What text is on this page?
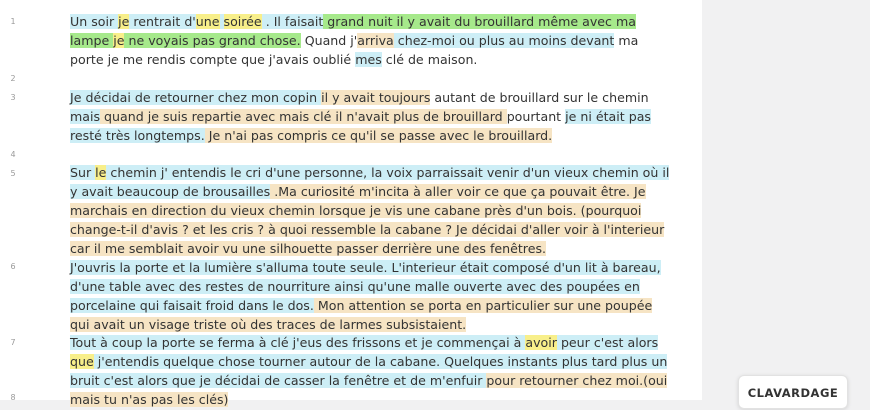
1
2
3
4
5
6
7
8
Un soir je rentrait d'une soirée . Il faisait grand nuit il y avait du brouillard même avec ma lampe je ne voyais pas grand chose. Quand j'arriva chez-moi ou plus au moins devant ma porte je me rendis compte que j'avais oublié mes clé de maison.
Je décidai de retourner chez mon copin il y avait toujours autant de brouillard sur le chemin mais quand je suis repartie avec mais clé il n'avait plus de brouillard pourtant je ni était pas resté très longtemps. Je n'ai pas compris ce qu'il se passe avec le brouillard.
Sur le chemin j' entendis le cri d'une personne, la voix parraissait venir d'un vieux chemin où il y avait beaucoup de brousailles .Ma curiosité m'incita à aller voir ce que ça pouvait être. Je marchais en direction du vieux chemin lorsque je vis une cabane près d'un bois. (pourquoi change-t-il d'avis ? et les cris ? à quoi ressemble la cabane ? Je décidai d'aller voir à l'interieur car il me semblait avoir vu une silhouette passer derrière une des fenêtres.
J'ouvris la porte et la lumière s'alluma toute seule. L'interieur était composé d'un lit à bareau, d'une table avec des restes de nourriture ainsi qu'une malle ouverte avec des poupées en porcelaine qui faisait froid dans le dos. Mon attention se porta en particulier sur une poupée qui avait un visage triste où des traces de larmes subsistaient.
Tout à coup la porte se ferma à clé j'eus des frissons et je commençai à avoir peur c'est alors que j'entendis quelque chose tourner autour de la cabane. Quelques instants plus tard plus un bruit c'est alors que je décidai de casser la fenêtre et de m'enfuir pour retourner chez moi.(oui mais tu n'as pas les clés)	CLAVARDAGE
